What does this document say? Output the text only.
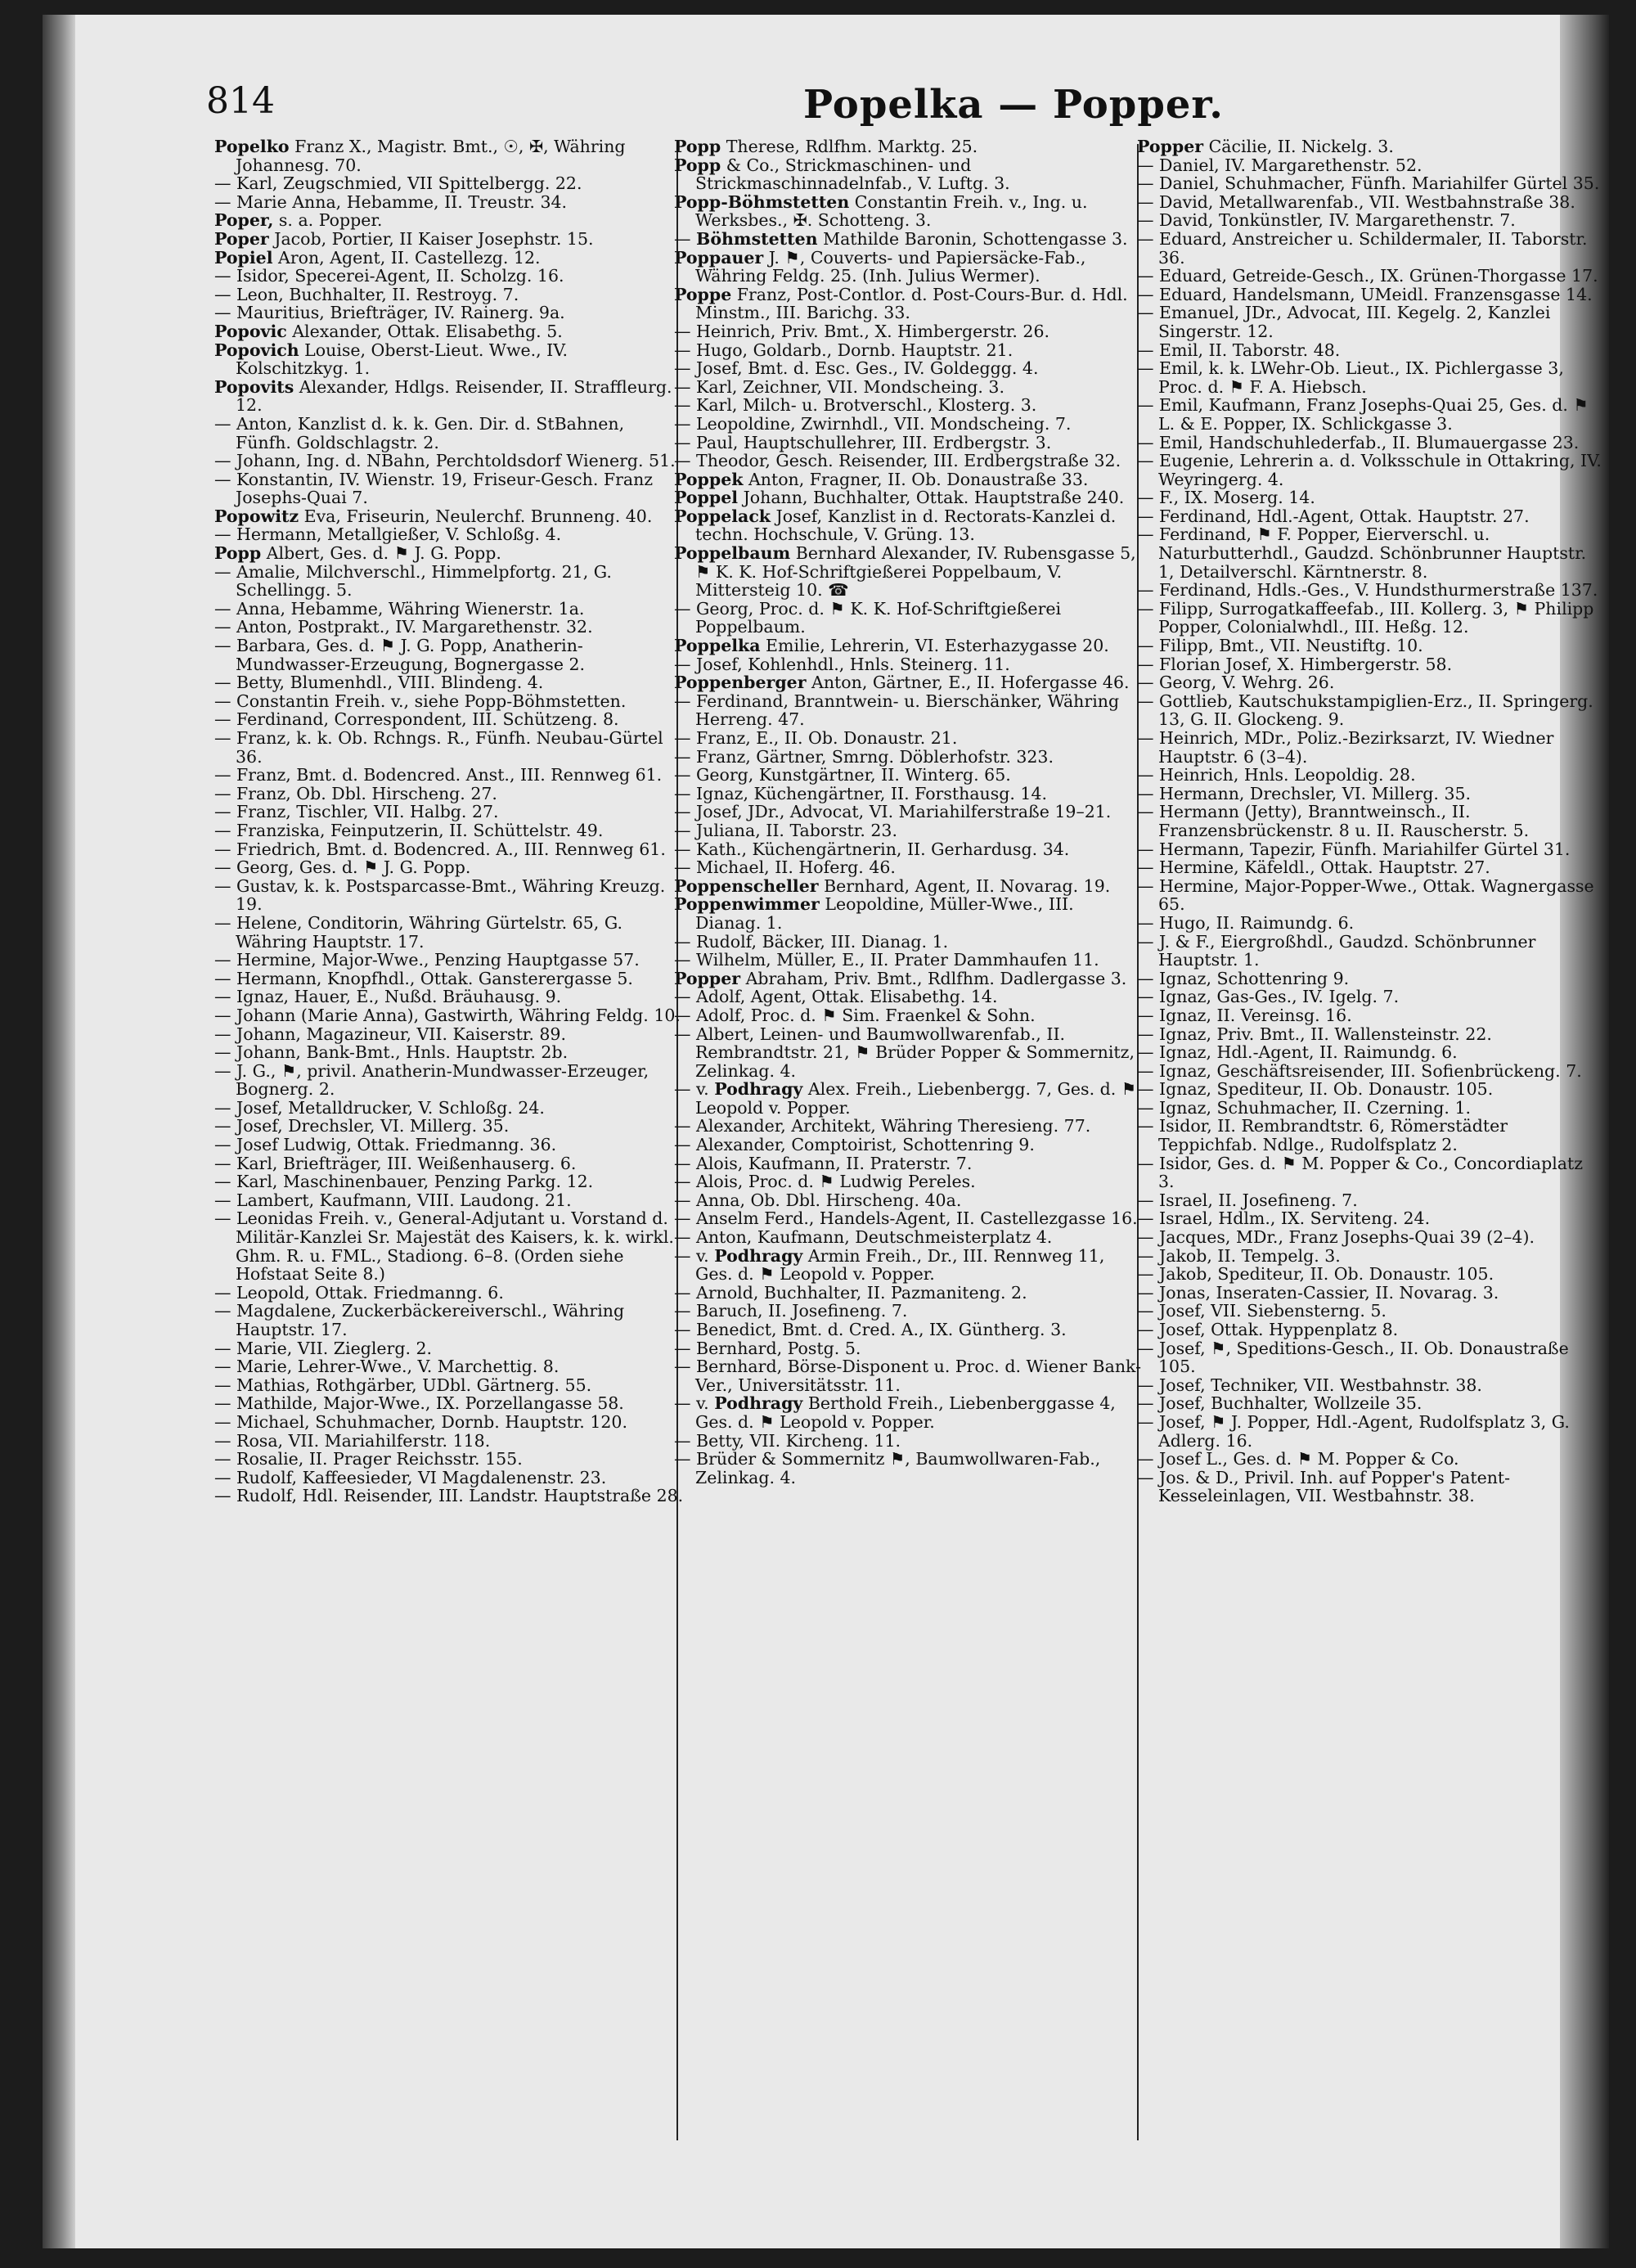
814	Popelka — Popper.

Popelko Franz X., Magistr. Bmt., ☉, ✠, Währing Johannesg. 70.

— Karl, Zeugschmied, VII Spittelbergg. 22.

— Marie Anna, Hebamme, II. Treustr. 34.

Poper, s. a. Popper.

Poper Jacob, Portier, II Kaiser Josephstr. 15.

Popiel Aron, Agent, II. Castellezg. 12.

— Isidor, Specerei-Agent, II. Scholzg. 16.

— Leon, Buchhalter, II. Restroyg. 7.

— Mauritius, Briefträger, IV. Rainerg. 9a.

Popovic Alexander, Ottak. Elisabethg. 5.

Popovich Louise, Oberst-Lieut. Wwe., IV. Kolschitzkyg. 1.

Popovits Alexander, Hdlgs. Reisender, II. Straffleurg. 12.

— Anton, Kanzlist d. k. k. Gen. Dir. d. StBahnen, Fünfh. Goldschlagstr. 2.

— Johann, Ing. d. NBahn, Perchtoldsdorf Wienerg. 51.

— Konstantin, IV. Wienstr. 19, Friseur-Gesch. Franz Josephs-Quai 7.

Popowitz Eva, Friseurin, Neulerchf. Brunneng. 40.

— Hermann, Metallgießer, V. Schloßg. 4.

Popp Albert, Ges. d. ⚑ J. G. Popp.

— Amalie, Milchverschl., Himmelpfortg. 21, G. Schellingg. 5.

— Anna, Hebamme, Währing Wienerstr. 1a.

— Anton, Postprakt., IV. Margarethenstr. 32.

— Barbara, Ges. d. ⚑ J. G. Popp, Anatherin-Mundwasser-Erzeugung, Bognergasse 2.

— Betty, Blumenhdl., VIII. Blindeng. 4.

— Constantin Freih. v., siehe Popp-Böhmstetten.

— Ferdinand, Correspondent, III. Schützeng. 8.

— Franz, k. k. Ob. Rchngs. R., Fünfh. Neubau-Gürtel 36.

— Franz, Bmt. d. Bodencred. Anst., III. Rennweg 61.

— Franz, Ob. Dbl. Hirscheng. 27.

— Franz, Tischler, VII. Halbg. 27.

— Franziska, Feinputzerin, II. Schüttelstr. 49.

— Friedrich, Bmt. d. Bodencred. A., III. Rennweg 61.

— Georg, Ges. d. ⚑ J. G. Popp.

— Gustav, k. k. Postsparcasse-Bmt., Währing Kreuzg. 19.

— Helene, Conditorin, Währing Gürtelstr. 65, G. Währing Hauptstr. 17.

— Hermine, Major-Wwe., Penzing Hauptgasse 57.

— Hermann, Knopfhdl., Ottak. Gansterergasse 5.

— Ignaz, Hauer, E., Nußd. Bräuhausg. 9.

— Johann (Marie Anna), Gastwirth, Währing Feldg. 10.

— Johann, Magazineur, VII. Kaiserstr. 89.

— Johann, Bank-Bmt., Hnls. Hauptstr. 2b.

— J. G., ⚑, privil. Anatherin-Mundwasser-Erzeuger, Bognerg. 2.

— Josef, Metalldrucker, V. Schloßg. 24.

— Josef, Drechsler, VI. Millerg. 35.

— Josef Ludwig, Ottak. Friedmanng. 36.

— Karl, Briefträger, III. Weißenhauserg. 6.

— Karl, Maschinenbauer, Penzing Parkg. 12.

— Lambert, Kaufmann, VIII. Laudong. 21.

— Leonidas Freih. v., General-Adjutant u. Vorstand d. Militär-Kanzlei Sr. Majestät des Kaisers, k. k. wirkl. Ghm. R. u. FML., Stadiong. 6–8. (Orden siehe Hofstaat Seite 8.)

— Leopold, Ottak. Friedmanng. 6.

— Magdalene, Zuckerbäckereiverschl., Währing Hauptstr. 17.

— Marie, VII. Zieglerg. 2.

— Marie, Lehrer-Wwe., V. Marchettig. 8.

— Mathias, Rothgärber, UDbl. Gärtnerg. 55.

— Mathilde, Major-Wwe., IX. Porzellangasse 58.

— Michael, Schuhmacher, Dornb. Hauptstr. 120.

— Rosa, VII. Mariahilferstr. 118.

— Rosalie, II. Prager Reichsstr. 155.

— Rudolf, Kaffeesieder, VI Magdalenenstr. 23.

— Rudolf, Hdl. Reisender, III. Landstr. Hauptstraße 28.

Popp Therese, Rdlfhm. Marktg. 25.

Popp & Co., Strickmaschinen- und Strickmaschinnadelnfab., V. Luftg. 3.

Popp-Böhmstetten Constantin Freih. v., Ing. u. Werksbes., ✠. Schotteng. 3.

— Böhmstetten Mathilde Baronin, Schottengasse 3.

Poppauer J. ⚑, Couverts- und Papiersäcke-Fab., Währing Feldg. 25. (Inh. Julius Wermer).

Poppe Franz, Post-Contlor. d. Post-Cours-Bur. d. Hdl. Minstm., III. Barichg. 33.

— Heinrich, Priv. Bmt., X. Himbergerstr. 26.

— Hugo, Goldarb., Dornb. Hauptstr. 21.

— Josef, Bmt. d. Esc. Ges., IV. Goldeggg. 4.

— Karl, Zeichner, VII. Mondscheing. 3.

— Karl, Milch- u. Brotverschl., Klosterg. 3.

— Leopoldine, Zwirnhdl., VII. Mondscheing. 7.

— Paul, Hauptschullehrer, III. Erdbergstr. 3.

— Theodor, Gesch. Reisender, III. Erdbergstraße 32.

Poppek Anton, Fragner, II. Ob. Donaustraße 33.

Poppel Johann, Buchhalter, Ottak. Hauptstraße 240.

Poppelack Josef, Kanzlist in d. Rectorats-Kanzlei d. techn. Hochschule, V. Grüng. 13.

Poppelbaum Bernhard Alexander, IV. Rubensgasse 5, ⚑ K. K. Hof-Schriftgießerei Poppelbaum, V. Mittersteig 10. ☎

— Georg, Proc. d. ⚑ K. K. Hof-Schriftgießerei Poppelbaum.

Poppelka Emilie, Lehrerin, VI. Esterhazygasse 20.

— Josef, Kohlenhdl., Hnls. Steinerg. 11.

Poppenberger Anton, Gärtner, E., II. Hofergasse 46.

— Ferdinand, Branntwein- u. Bierschänker, Währing Herreng. 47.

— Franz, E., II. Ob. Donaustr. 21.

— Franz, Gärtner, Smrng. Döblerhofstr. 323.

— Georg, Kunstgärtner, II. Winterg. 65.

— Ignaz, Küchengärtner, II. Forsthausg. 14.

— Josef, JDr., Advocat, VI. Mariahilferstraße 19–21.

— Juliana, II. Taborstr. 23.

— Kath., Küchengärtnerin, II. Gerhardusg. 34.

— Michael, II. Hoferg. 46.

Poppenscheller Bernhard, Agent, II. Novarag. 19.

Poppenwimmer Leopoldine, Müller-Wwe., III. Dianag. 1.

— Rudolf, Bäcker, III. Dianag. 1.

— Wilhelm, Müller, E., II. Prater Dammhaufen 11.

Popper Abraham, Priv. Bmt., Rdlfhm. Dadlergasse 3.

— Adolf, Agent, Ottak. Elisabethg. 14.

— Adolf, Proc. d. ⚑ Sim. Fraenkel & Sohn.

— Albert, Leinen- und Baumwollwarenfab., II. Rembrandtstr. 21, ⚑ Brüder Popper & Sommernitz, Zelinkag. 4.

— v. Podhragy Alex. Freih., Liebenbergg. 7, Ges. d. ⚑ Leopold v. Popper.

— Alexander, Architekt, Währing Theresieng. 77.

— Alexander, Comptoirist, Schottenring 9.

— Alois, Kaufmann, II. Praterstr. 7.

— Alois, Proc. d. ⚑ Ludwig Pereles.

— Anna, Ob. Dbl. Hirscheng. 40a.

— Anselm Ferd., Handels-Agent, II. Castellezgasse 16.

— Anton, Kaufmann, Deutschmeisterplatz 4.

— v. Podhragy Armin Freih., Dr., III. Rennweg 11, Ges. d. ⚑ Leopold v. Popper.

— Arnold, Buchhalter, II. Pazmaniteng. 2.

— Baruch, II. Josefineng. 7.

— Benedict, Bmt. d. Cred. A., IX. Güntherg. 3.

— Bernhard, Postg. 5.

— Bernhard, Börse-Disponent u. Proc. d. Wiener Bank-Ver., Universitätsstr. 11.

— v. Podhragy Berthold Freih., Liebenberggasse 4, Ges. d. ⚑ Leopold v. Popper.

— Betty, VII. Kircheng. 11.

— Brüder & Sommernitz ⚑, Baumwollwaren-Fab., Zelinkag. 4.

Popper Cäcilie, II. Nickelg. 3.

— Daniel, IV. Margarethenstr. 52.

— Daniel, Schuhmacher, Fünfh. Mariahilfer Gürtel 35.

— David, Metallwarenfab., VII. Westbahnstraße 38.

— David, Tonkünstler, IV. Margarethenstr. 7.

— Eduard, Anstreicher u. Schildermaler, II. Taborstr. 36.

— Eduard, Getreide-Gesch., IX. Grünen-Thorgasse 17.

— Eduard, Handelsmann, UMeidl. Franzensgasse 14.

— Emanuel, JDr., Advocat, III. Kegelg. 2, Kanzlei Singerstr. 12.

— Emil, II. Taborstr. 48.

— Emil, k. k. LWehr-Ob. Lieut., IX. Pichlergasse 3, Proc. d. ⚑ F. A. Hiebsch.

— Emil, Kaufmann, Franz Josephs-Quai 25, Ges. d. ⚑ L. & E. Popper, IX. Schlickgasse 3.

— Emil, Handschuhlederfab., II. Blumauergasse 23.

— Eugenie, Lehrerin a. d. Volksschule in Ottakring, IV. Weyringerg. 4.

— F., IX. Moserg. 14.

— Ferdinand, Hdl.-Agent, Ottak. Hauptstr. 27.

— Ferdinand, ⚑ F. Popper, Eierverschl. u. Naturbutterhdl., Gaudzd. Schönbrunner Hauptstr. 1, Detailverschl. Kärntnerstr. 8.

— Ferdinand, Hdls.-Ges., V. Hundsthurmerstraße 137.

— Filipp, Surrogatkaffeefab., III. Kollerg. 3, ⚑ Philipp Popper, Colonialwhdl., III. Heßg. 12.

— Filipp, Bmt., VII. Neustiftg. 10.

— Florian Josef, X. Himbergerstr. 58.

— Georg, V. Wehrg. 26.

— Gottlieb, Kautschukstampiglien-Erz., II. Springerg. 13, G. II. Glockeng. 9.

— Heinrich, MDr., Poliz.-Bezirksarzt, IV. Wiedner Hauptstr. 6 (3–4).

— Heinrich, Hnls. Leopoldig. 28.

— Hermann, Drechsler, VI. Millerg. 35.

— Hermann (Jetty), Branntweinsch., II. Franzensbrückenstr. 8 u. II. Rauscherstr. 5.

— Hermann, Tapezir, Fünfh. Mariahilfer Gürtel 31.

— Hermine, Käfeldl., Ottak. Hauptstr. 27.

— Hermine, Major-Popper-Wwe., Ottak. Wagnergasse 65.

— Hugo, II. Raimundg. 6.

— J. & F., Eiergroßhdl., Gaudzd. Schönbrunner Hauptstr. 1.

— Ignaz, Schottenring 9.

— Ignaz, Gas-Ges., IV. Igelg. 7.

— Ignaz, II. Vereinsg. 16.

— Ignaz, Priv. Bmt., II. Wallensteinstr. 22.

— Ignaz, Hdl.-Agent, II. Raimundg. 6.

— Ignaz, Geschäftsreisender, III. Sofienbrückeng. 7.

— Ignaz, Spediteur, II. Ob. Donaustr. 105.

— Ignaz, Schuhmacher, II. Czerning. 1.

— Isidor, II. Rembrandtstr. 6, Römerstädter Teppichfab. Ndlge., Rudolfsplatz 2.

— Isidor, Ges. d. ⚑ M. Popper & Co., Concordiaplatz 3.

— Israel, II. Josefineng. 7.

— Israel, Hdlm., IX. Serviteng. 24.

— Jacques, MDr., Franz Josephs-Quai 39 (2–4).

— Jakob, II. Tempelg. 3.

— Jakob, Spediteur, II. Ob. Donaustr. 105.

— Jonas, Inseraten-Cassier, II. Novarag. 3.

— Josef, VII. Siebensterng. 5.

— Josef, Ottak. Hyppenplatz 8.

— Josef, ⚑, Speditions-Gesch., II. Ob. Donaustraße 105.

— Josef, Techniker, VII. Westbahnstr. 38.

— Josef, Buchhalter, Wollzeile 35.

— Josef, ⚑ J. Popper, Hdl.-Agent, Rudolfsplatz 3, G. Adlerg. 16.

— Josef L., Ges. d. ⚑ M. Popper & Co.

— Jos. & D., Privil. Inh. auf Popper's Patent-Kesseleinlagen, VII. Westbahnstr. 38.
